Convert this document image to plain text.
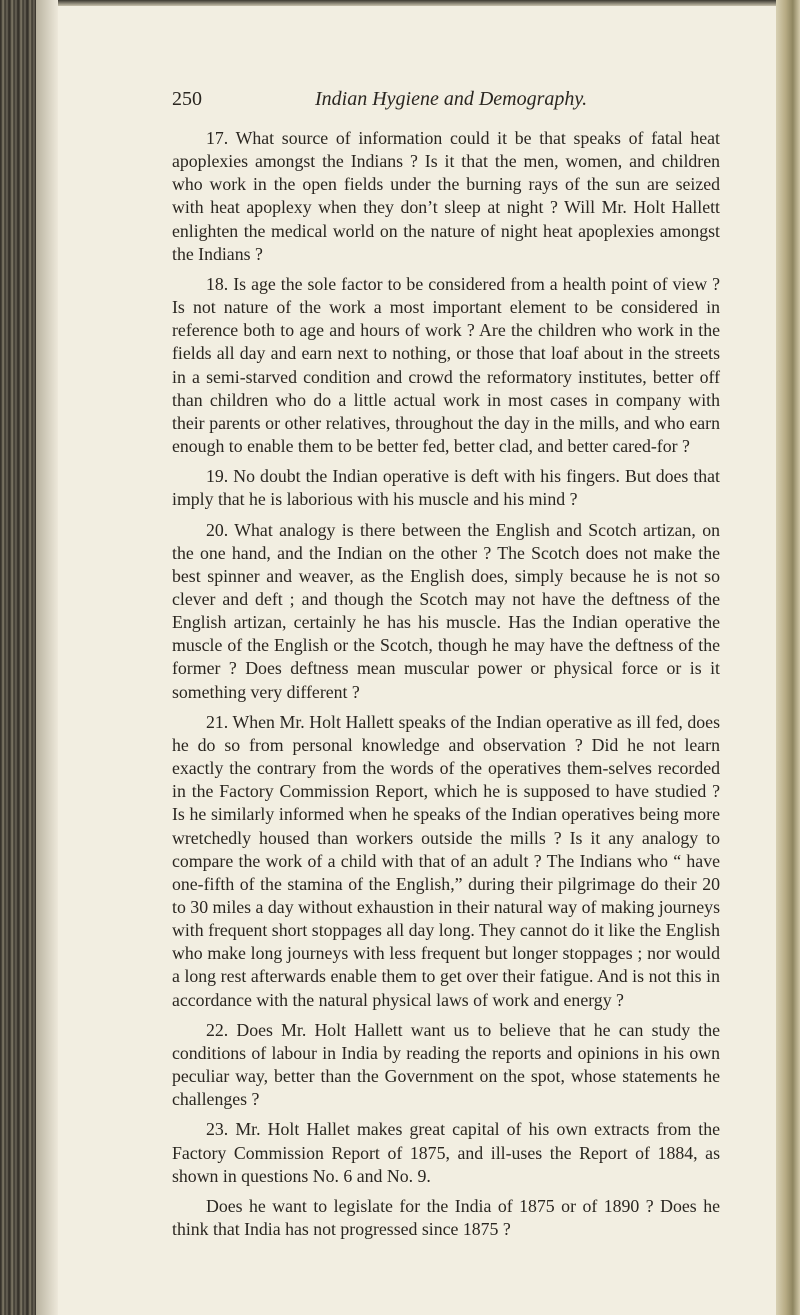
250	Indian Hygiene and Demography.

17. What source of information could it be that speaks of fatal heat apoplexies amongst the Indians ? Is it that the men, women, and children who work in the open fields under the burning rays of the sun are seized with heat apoplexy when they don’t sleep at night ? Will Mr. Holt Hallett enlighten the medical world on the nature of night heat apoplexies amongst the Indians ?

18. Is age the sole factor to be considered from a health point of view ? Is not nature of the work a most important element to be considered in reference both to age and hours of work ? Are the children who work in the fields all day and earn next to nothing, or those that loaf about in the streets in a semi-starved condition and crowd the reformatory institutes, better off than children who do a little actual work in most cases in company with their parents or other relatives, throughout the day in the mills, and who earn enough to enable them to be better fed, better clad, and better cared-for ?

19. No doubt the Indian operative is deft with his fingers. But does that imply that he is laborious with his muscle and his mind ?

20. What analogy is there between the English and Scotch artizan, on the one hand, and the Indian on the other ? The Scotch does not make the best spinner and weaver, as the English does, simply because he is not so clever and deft ; and though the Scotch may not have the deftness of the English artizan, certainly he has his muscle. Has the Indian operative the muscle of the English or the Scotch, though he may have the deftness of the former ? Does deftness mean muscular power or physical force or is it something very different ?

21. When Mr. Holt Hallett speaks of the Indian operative as ill fed, does he do so from personal knowledge and observation ? Did he not learn exactly the contrary from the words of the operatives them-selves recorded in the Factory Commission Report, which he is supposed to have studied ? Is he similarly informed when he speaks of the Indian operatives being more wretchedly housed than workers outside the mills ? Is it any analogy to compare the work of a child with that of an adult ? The Indians who “ have one-fifth of the stamina of the English,” during their pilgrimage do their 20 to 30 miles a day without exhaustion in their natural way of making journeys with frequent short stoppages all day long. They cannot do it like the English who make long journeys with less frequent but longer stoppages ; nor would a long rest afterwards enable them to get over their fatigue. And is not this in accordance with the natural physical laws of work and energy ?

22. Does Mr. Holt Hallett want us to believe that he can study the conditions of labour in India by reading the reports and opinions in his own peculiar way, better than the Government on the spot, whose statements he challenges ?

23. Mr. Holt Hallet makes great capital of his own extracts from the Factory Commission Report of 1875, and ill-uses the Report of 1884, as shown in questions No. 6 and No. 9.

Does he want to legislate for the India of 1875 or of 1890 ? Does he think that India has not progressed since 1875 ?
